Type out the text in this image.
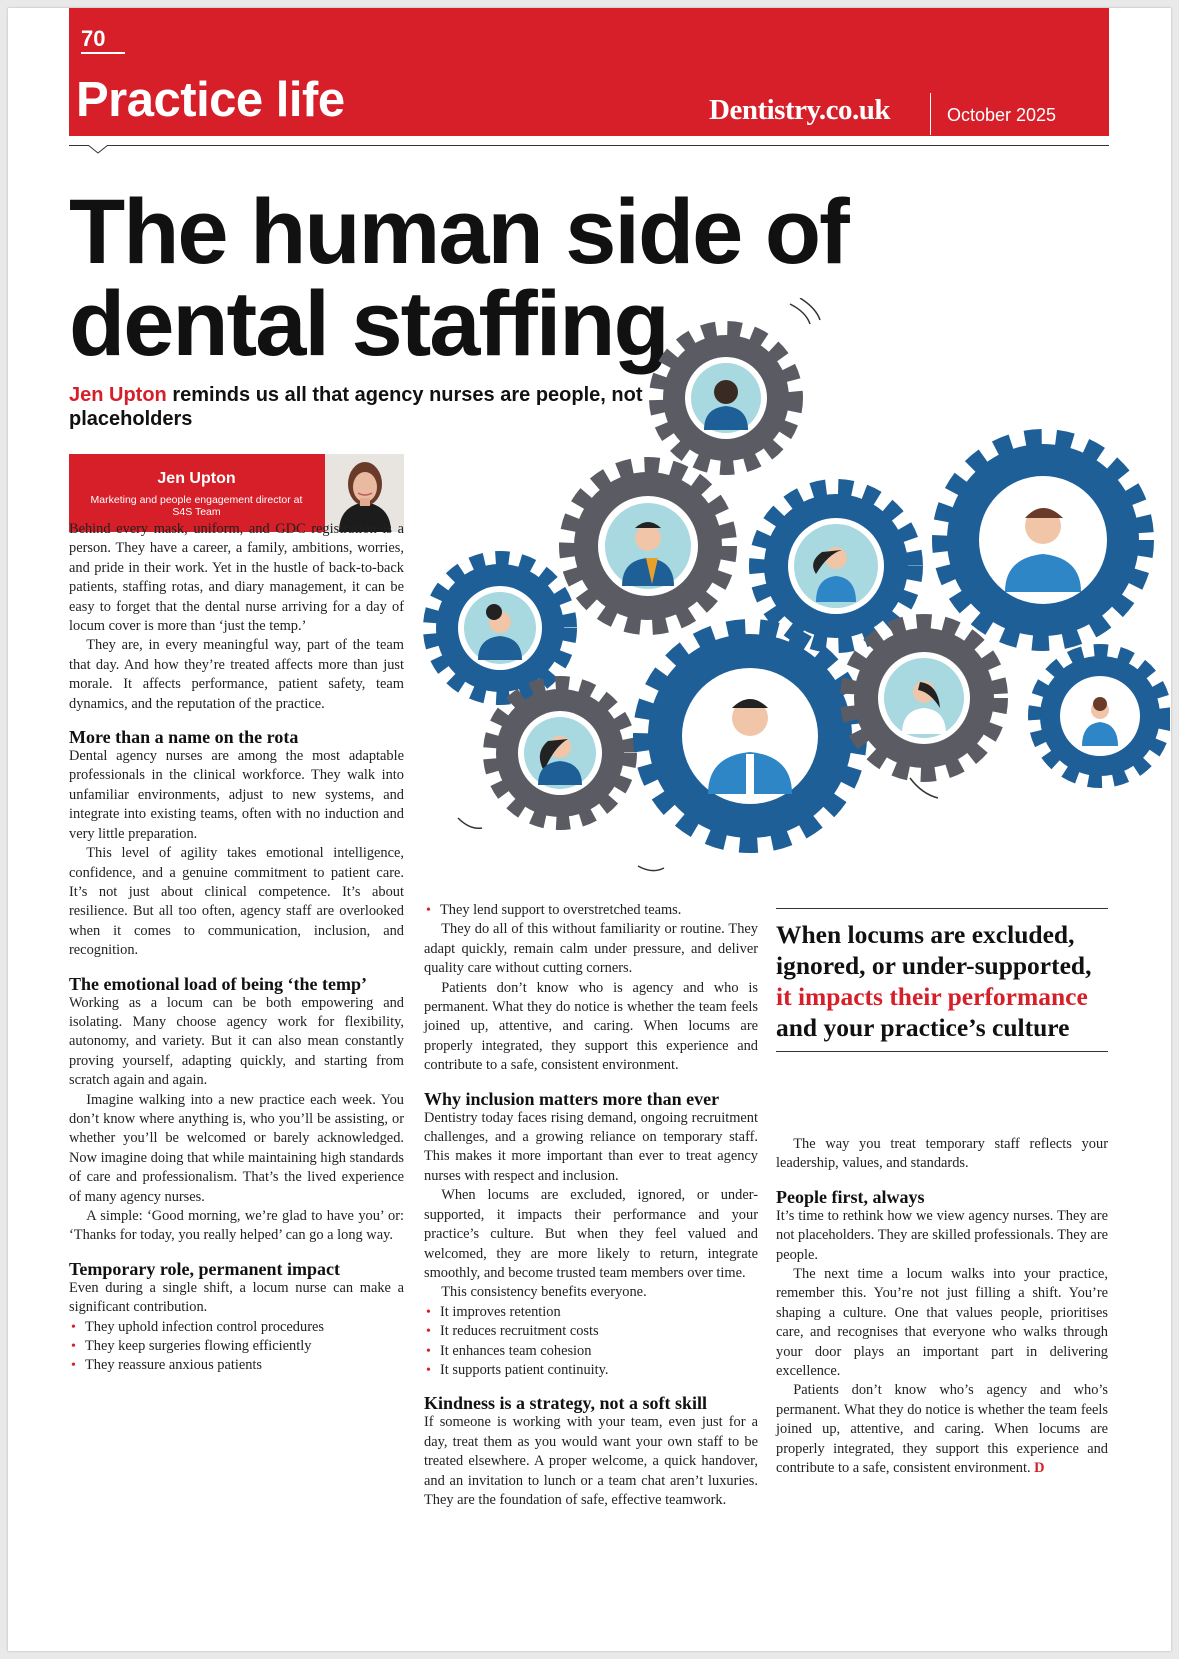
70
Practice life	Dentistry.co.uk	October 2025
The human side of
dental staffing
Jen Upton reminds us all that agency nurses are people, not placeholders
Jen Upton
Marketing and people engagement director at S4S Team

Behind every mask, uniform, and GDC registration is a person. They have a career, a family, ambitions, worries, and pride in their work. Yet in the hustle of back-to-back patients, staffing rotas, and diary management, it can be easy to forget that the dental nurse arriving for a day of locum cover is more than ‘just the temp.’

They are, in every meaningful way, part of the team that day. And how they’re treated affects more than just morale. It affects performance, patient safety, team dynamics, and the reputation of the practice.

More than a name on the rota

Dental agency nurses are among the most adaptable professionals in the clinical workforce. They walk into unfamiliar environments, adjust to new systems, and integrate into existing teams, often with no induction and very little preparation.

This level of agility takes emotional intelligence, confidence, and a genuine commitment to patient care. It’s not just about clinical competence. It’s about resilience. But all too often, agency staff are overlooked when it comes to communication, inclusion, and recognition.

The emotional load of being ‘the temp’

Working as a locum can be both empowering and isolating. Many choose agency work for flexibility, autonomy, and variety. But it can also mean constantly proving yourself, adapting quickly, and starting from scratch again and again.

Imagine walking into a new practice each week. You don’t know where anything is, who you’ll be assisting, or whether you’ll be welcomed or barely acknowledged. Now imagine doing that while maintaining high standards of care and professionalism. That’s the lived experience of many agency nurses.

A simple: ‘Good morning, we’re glad to have you’ or: ‘Thanks for today, you really helped’ can go a long way.

Temporary role, permanent impact

Even during a single shift, a locum nurse can make a significant contribution.

• They uphold infection control procedures
• They keep surgeries flowing efficiently
• They reassure anxious patients
• They lend support to overstretched teams.

They do all of this without familiarity or routine. They adapt quickly, remain calm under pressure, and deliver quality care without cutting corners.

Patients don’t know who is agency and who is permanent. What they do notice is whether the team feels joined up, attentive, and caring. When locums are properly integrated, they support this experience and contribute to a safe, consistent environment.

Why inclusion matters more than ever

Dentistry today faces rising demand, ongoing recruitment challenges, and a growing reliance on temporary staff. This makes it more important than ever to treat agency nurses with respect and inclusion.

When locums are excluded, ignored, or under-supported, it impacts their performance and your practice’s culture. But when they feel valued and welcomed, they are more likely to return, integrate smoothly, and become trusted team members over time.

This consistency benefits everyone.

• It improves retention
• It reduces recruitment costs
• It enhances team cohesion
• It supports patient continuity.
Kindness is a strategy, not a soft skill

If someone is working with your team, even just for a day, treat them as you would want your own staff to be treated elsewhere. A proper welcome, a quick handover, and an invitation to lunch or a team chat aren’t luxuries. They are the foundation of safe, effective teamwork.

When locums are excluded, ignored, or under-supported, it impacts their performance and your practice’s culture

The way you treat temporary staff reflects your leadership, values, and standards.

People first, always

It’s time to rethink how we view agency nurses. They are not placeholders. They are skilled professionals. They are people.

The next time a locum walks into your practice, remember this. You’re not just filling a shift. You’re shaping a culture. One that values people, prioritises care, and recognises that everyone who walks through your door plays an important part in delivering excellence.

Patients don’t know who’s agency and who’s permanent. What they do notice is whether the team feels joined up, attentive, and caring. When locums are properly integrated, they support this experience and contribute to a safe, consistent environment. D
